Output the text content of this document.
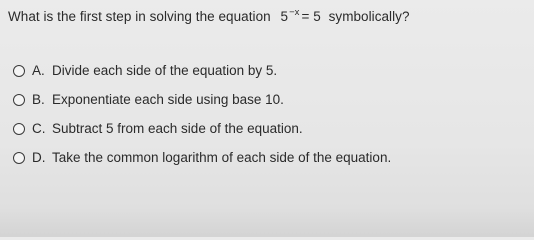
What is the first step in solving the equation $5^{-x} = 5$ symbolically?
A. Divide each side of the equation by 5.
B. Exponentiate each side using base 10.
C. Subtract 5 from each side of the equation.
D. Take the common logarithm of each side of the equation.
